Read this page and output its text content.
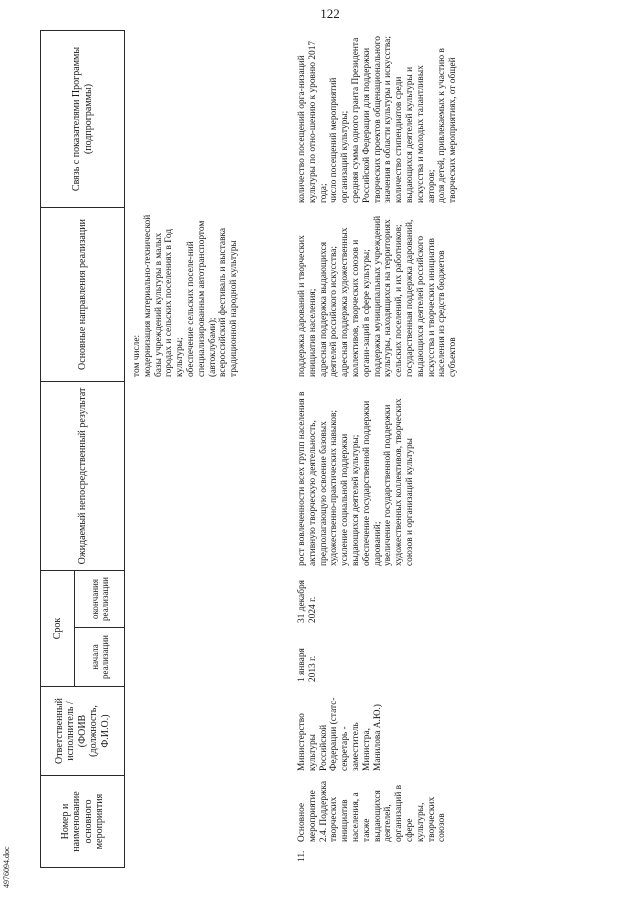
122
4976094.doc
Номер и наименование основного мероприятия
Ответственный исполнитель / (ФОИВ (должность, Ф.И.О.)
Срок
начала реализации
окончания реализации
Ожидаемый непосредственный результат
Основные направления реализации
Связь с показателями Программы (подпрограммы)
том числе:
модернизация материально-технической базы учреждений культуры в малых городах и сельских поселениях в Год культуры;
обеспечение сельских поселе-ний специализированным автотранспортом (автоклубами);
всероссийский фестиваль и выставка традиционной народной культуры
11.
Основное мероприятие 2.4. Поддержка творческих инициатив населения, а также выдающихся деятелей, организаций в сфере культуры, творческих союзов
Министерство культуры Российской Федерации (статс-секретарь - заместитель Министра, Манилова А.Ю.)
1 января 2013 г.
31 декабря 2024 г.
рост вовлеченности всех групп населения в активную творческую деятельность, предполагающую освоение базовых художественно-практических навыков;
усиление социальной поддержки выдающихся деятелей культуры;
обеспечение государственной поддержки дарований;
увеличение государственной поддержки художественных коллективов, творческих союзов и организаций культуры
поддержка дарований и творческих инициатив населения;
адресная поддержка выдающихся деятелей российского искусства;
адресная поддержка художественных коллективов, творческих союзов и органи-заций в сфере культуры;
поддержка муниципальных учреждений культуры, находящихся на территориях сельских поселений, и их работников;
государственная поддержка дарований, выдающихся деятелей российского искусства и творческих инициатив населения из средств бюджетов субъектов
количество посещений орга-низаций культуры по отно-шению к уровню 2017 года;
число посещений мероприятий организаций культуры;
средняя сумма одного гранта Президента Российской Федерации для поддержки творческих проектов общенационального значения в области культуры и искусства;
количество стипендиатов среди выдающихся деятелей культуры и искусства и молодых талантливых авторов;
доля детей, привлекаемых к участию в творческих мероприятиях, от общей
